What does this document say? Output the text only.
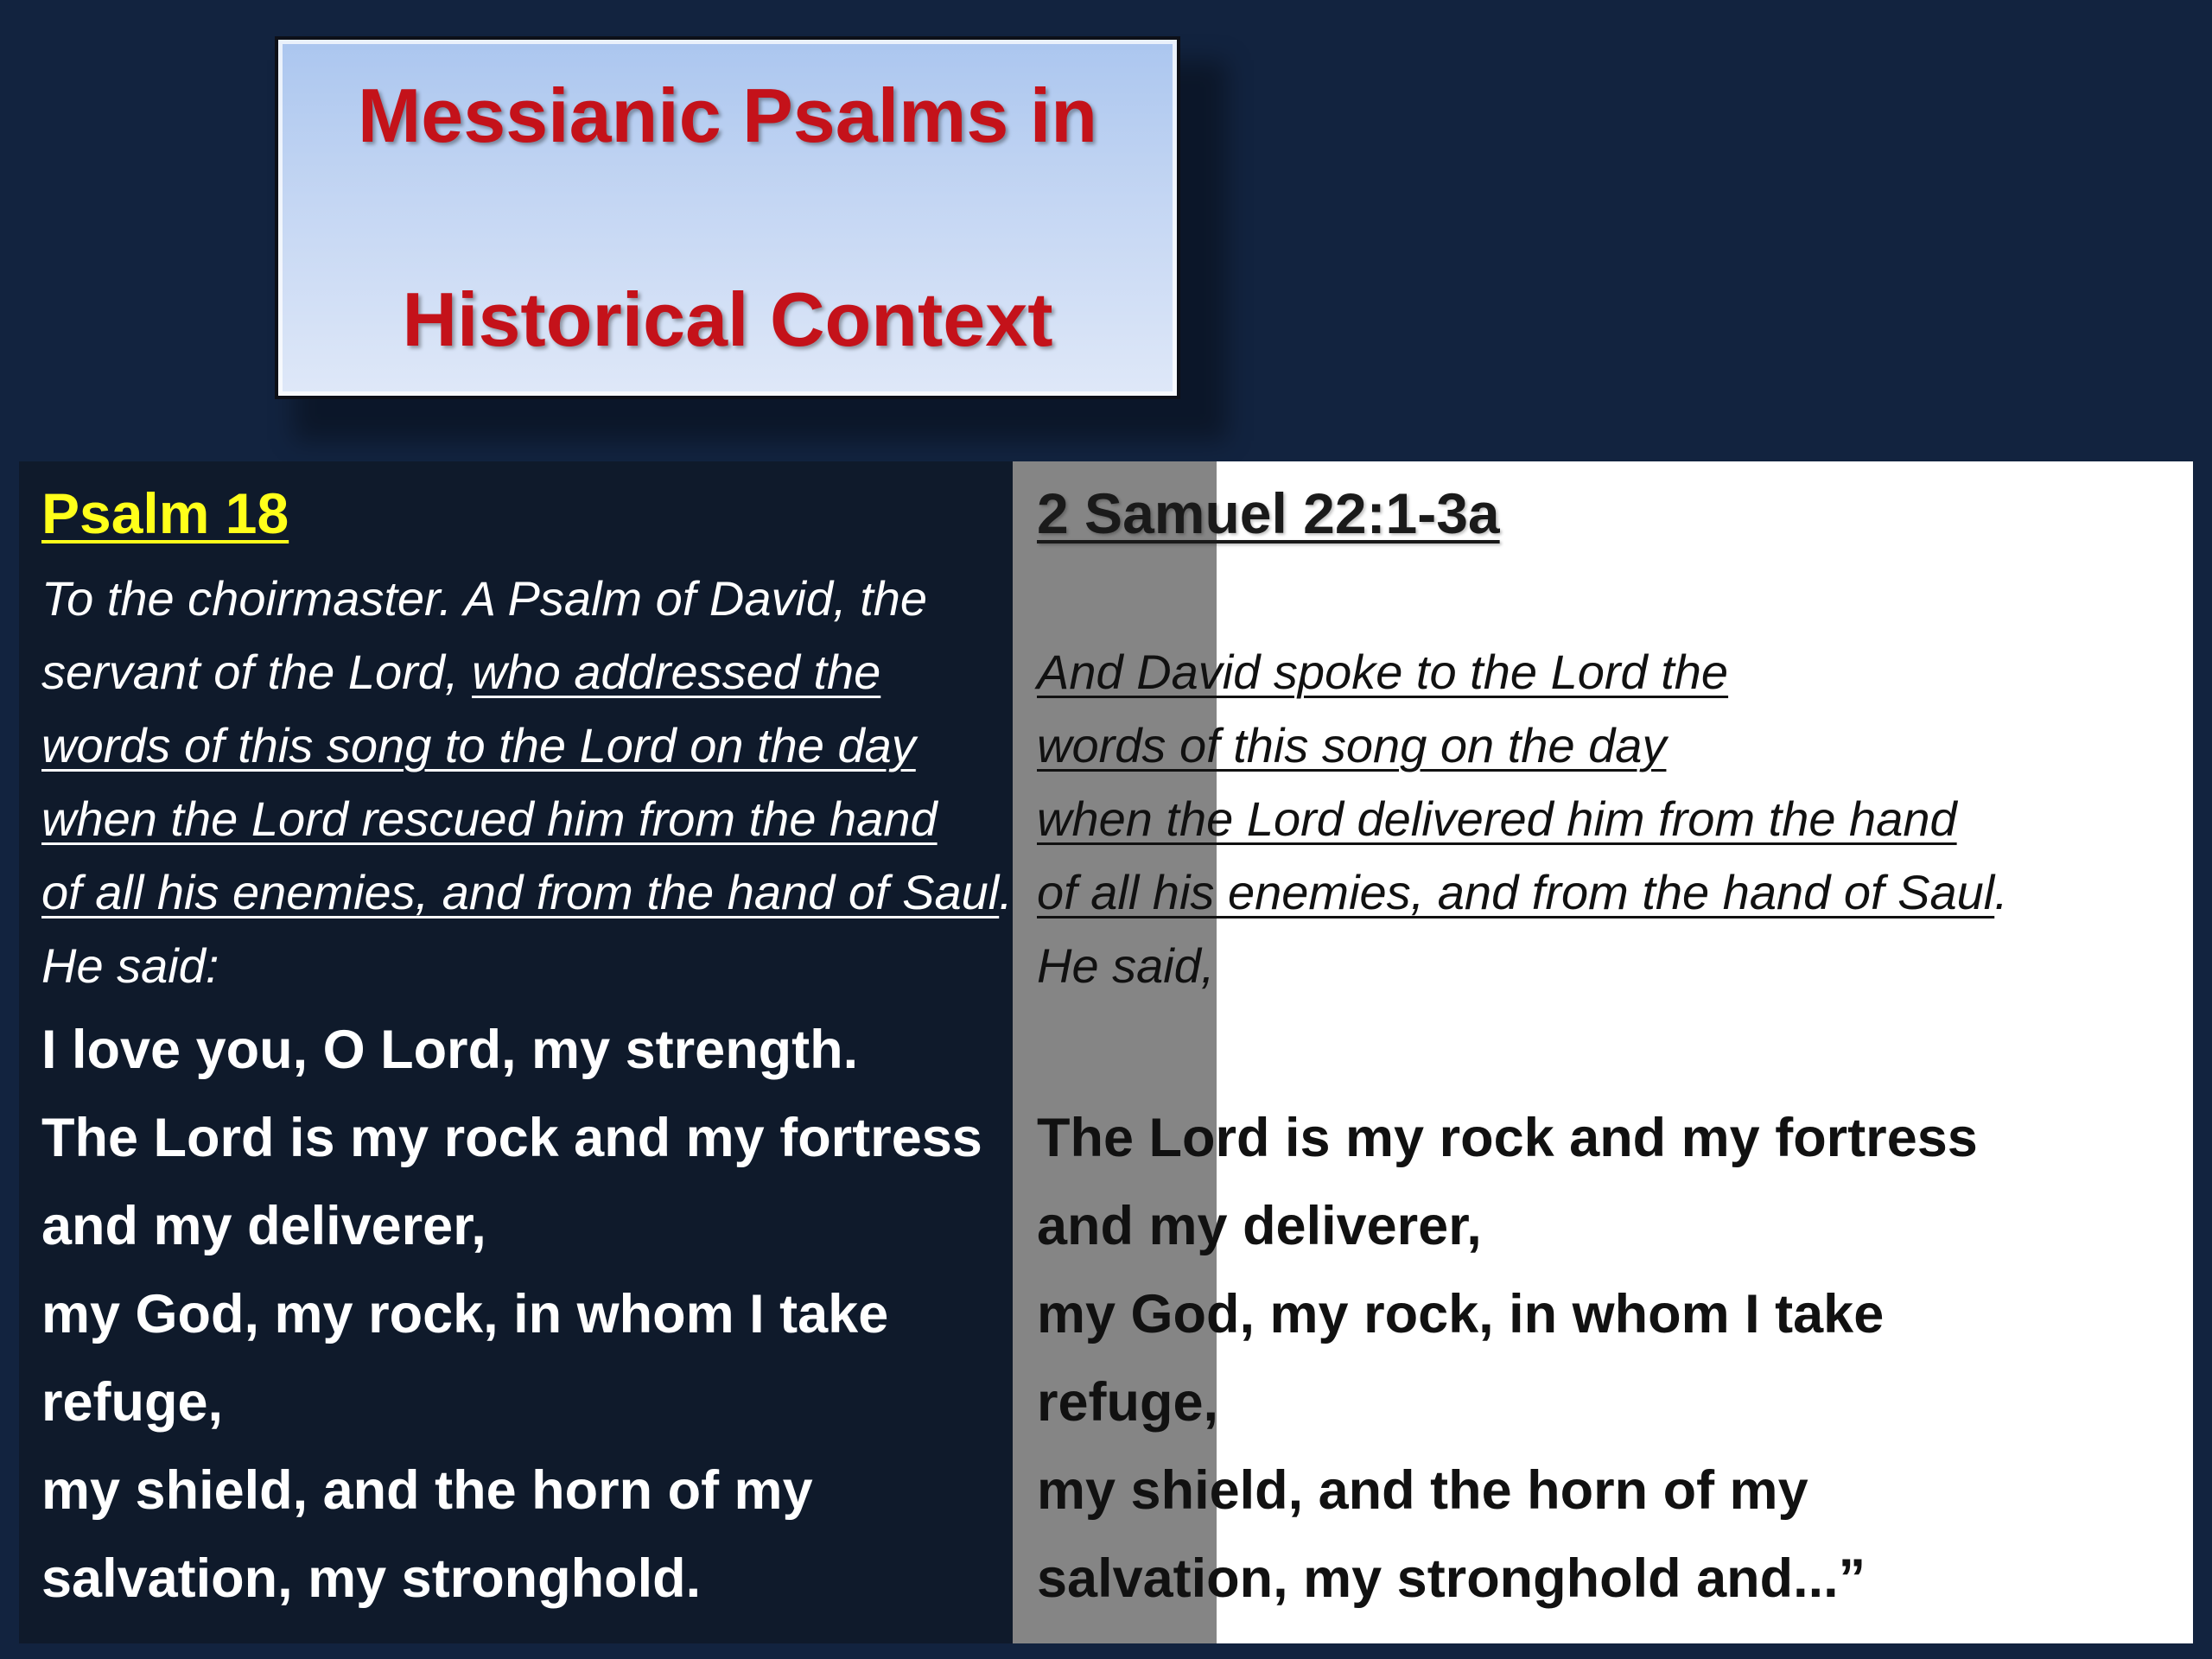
Messianic Psalms in

Historical Context

Psalm 18
To the choirmaster. A Psalm of David, the
servant of the Lord, who addressed the
words of this song to the Lord on the day
when the Lord rescued him from the hand
of all his enemies, and from the hand of Saul.
He said:
I love you, O Lord, my strength.
The Lord is my rock and my fortress
and my deliverer,
my God, my rock, in whom I take
refuge,
my shield, and the horn of my
salvation, my stronghold.
2 Samuel 22:1-3a
And David spoke to the Lord the
words of this song on the day
when the Lord delivered him from the hand
of all his enemies, and from the hand of Saul.
He said,
The Lord is my rock and my fortress
and my deliverer,
my God, my rock, in whom I take
refuge,
my shield, and the horn of my
salvation, my stronghold and...”
